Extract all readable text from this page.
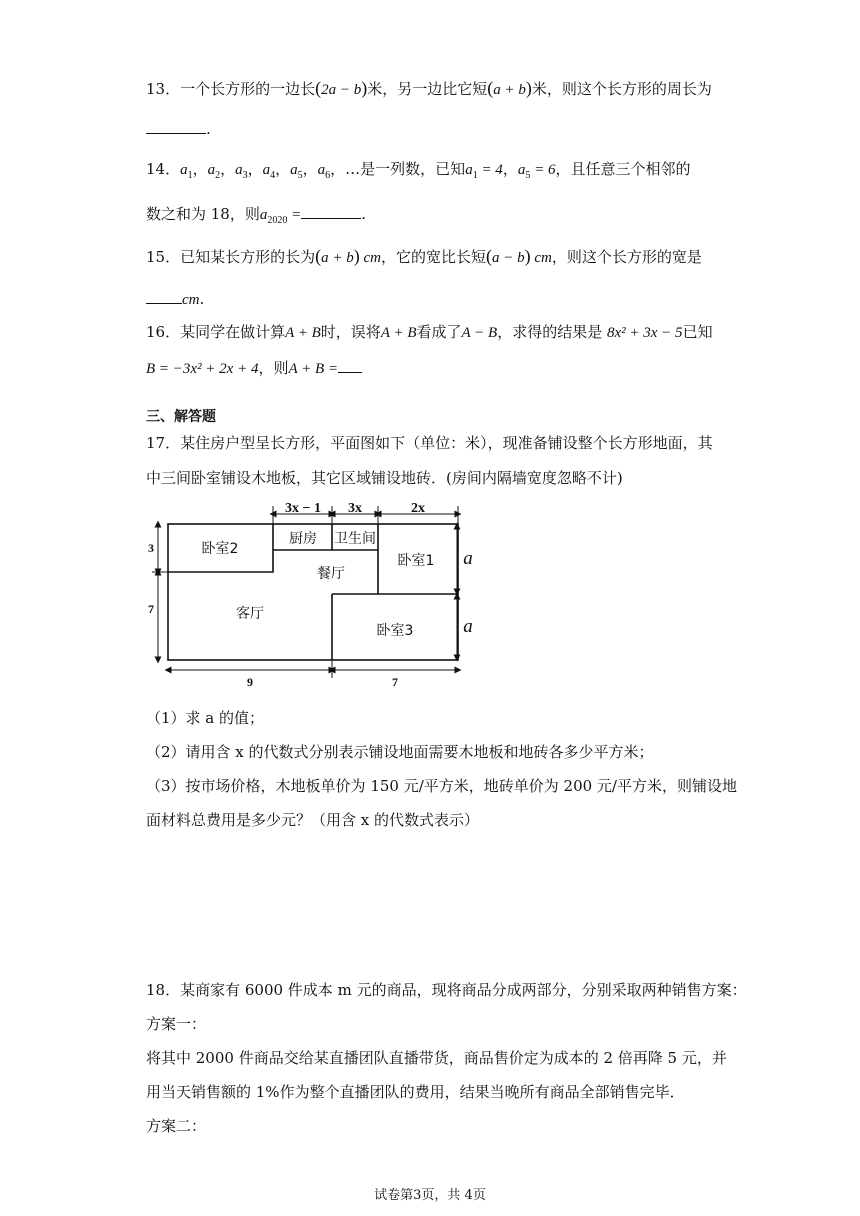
13．一个长方形的一边长(2a − b)米，另一边比它短(a + b)米，则这个长方形的周长为
.
14．$a_1$，$a_2$，$a_3$，$a_4$，$a_5$，$a_6$，…是一列数，已知$a_1 = 4$，$a_5 = 6$，且任意三个相邻的
数之和为 18，则$a_{2020}$ =	.
15．已知某长方形的长为(a + b) cm，它的宽比长短(a − b) cm，则这个长方形的宽是
cm.
16．某同学在做计算A + B时，误将A + B看成了A − B，求得的结果是 8x² + 3x − 5已知
B = −3x² + 2x + 4，则A + B =
三、解答题
17．某住房户型呈长方形，平面图如下（单位：米），现准备铺设整个长方形地面，其
中三间卧室铺设木地板，其它区域铺设地砖．(房间内隔墙宽度忽略不计)
卧室2
厨房 卫生间
卧室1
餐厅
客厅
卧室3
3x − 1 3x	2x
3
7
9	7
a
a
（1）求 a 的值；
（2）请用含 x 的代数式分别表示铺设地面需要木地板和地砖各多少平方米；
（3）按市场价格，木地板单价为 150 元/平方米，地砖单价为 200 元/平方米，则铺设地
面材料总费用是多少元？（用含 x 的代数式表示）
18．某商家有 6000 件成本 m 元的商品，现将商品分成两部分，分别采取两种销售方案：
方案一：
将其中 2000 件商品交给某直播团队直播带货，商品售价定为成本的 2 倍再降 5 元，并
用当天销售额的 1%作为整个直播团队的费用，结果当晚所有商品全部销售完毕．
方案二：
试卷第3页，共 4页
